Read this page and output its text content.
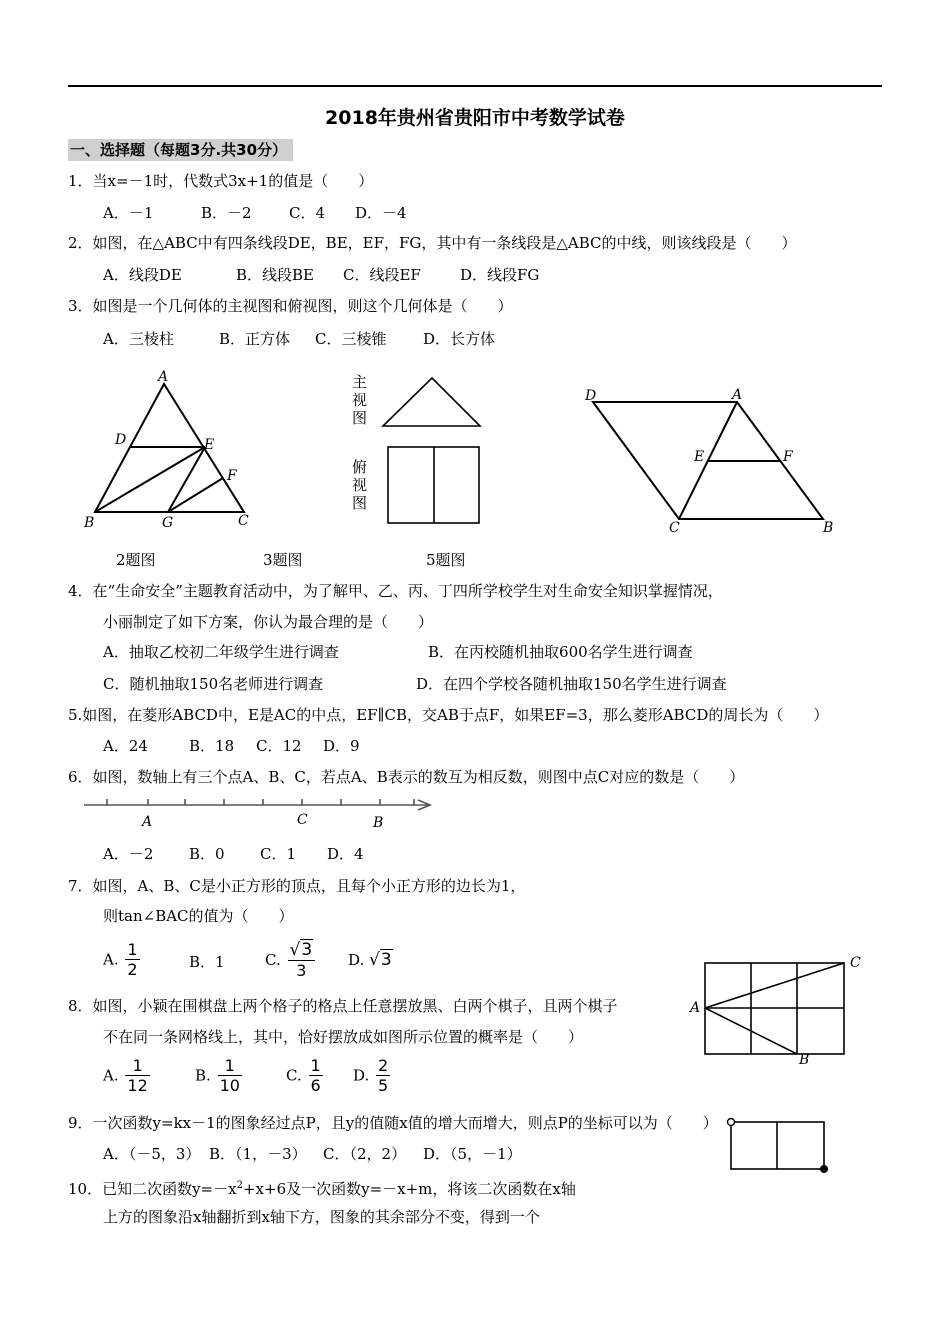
2018年贵州省贵阳市中考数学试卷
一、选择题（每题3分.共30分）
1．当x=－1时，代数式3x+1的值是（　　）
A．－1	B．－2 C．4 D．－4
2．如图，在△ABC中有四条线段DE，BE，EF，FG，其中有一条线段是△ABC的中线，则该线段是（　　）
A．线段DE	B．线段BE C．线段EF	D．线段FG
3．如图是一个几何体的主视图和俯视图，则这个几何体是（　　）
A．三棱柱	B．正方体 C．三棱锥 D．长方体
A
D	E
F
B	G	C
主视图
俯视图
D	A
E	F
C	B
2题图	3题图	5题图
4．在“生命安全”主题教育活动中，为了解甲、乙、丙、丁四所学校学生对生命安全知识掌握情况，
小丽制定了如下方案，你认为最合理的是（　　）
A．抽取乙校初二年级学生进行调查	B．在丙校随机抽取600名学生进行调查
C．随机抽取150名老师进行调查	D．在四个学校各随机抽取150名学生进行调查
5.如图，在菱形ABCD中，E是AC的中点，EF∥CB，交AB于点F，如果EF=3，那么菱形ABCD的周长为（　　）
A．24	B．18 C．12 D．9
6．如图，数轴上有三个点A、B、C，若点A、B表示的数互为相反数，则图中点C对应的数是（　　）
A	C	B
A．－2 B．0 C．1 D．4
7．如图，A、B、C是小正方形的顶点，且每个小正方形的边长为1，
则tan∠BAC的值为（　　）
A. $\frac{1}{2}$	B．1	C. $\frac{√3}{3} D$. √3	C
A
B
8．如图，小颖在围棋盘上两个格子的格点上任意摆放黑、白两个棋子，且两个棋子
不在同一条网格线上，其中，恰好摆放成如图所示位置的概率是（　　）
A. $\frac{1}{12}$	B. $\frac{1}{10}$	C. $\frac{1}{6} D$. $\frac{2}{5}$
9．一次函数y=kx－1的图象经过点P，且y的值随x值的增大而增大，则点P的坐标可以为（　　）
A．（－5，3） B．（1，－3） C．（2，2） D．（5，－1）
10．已知二次函数$y=-x^2+x+6$及一次函数y=－x+m，将该二次函数在x轴
上方的图象沿x轴翻折到x轴下方，图象的其余部分不变，得到一个
